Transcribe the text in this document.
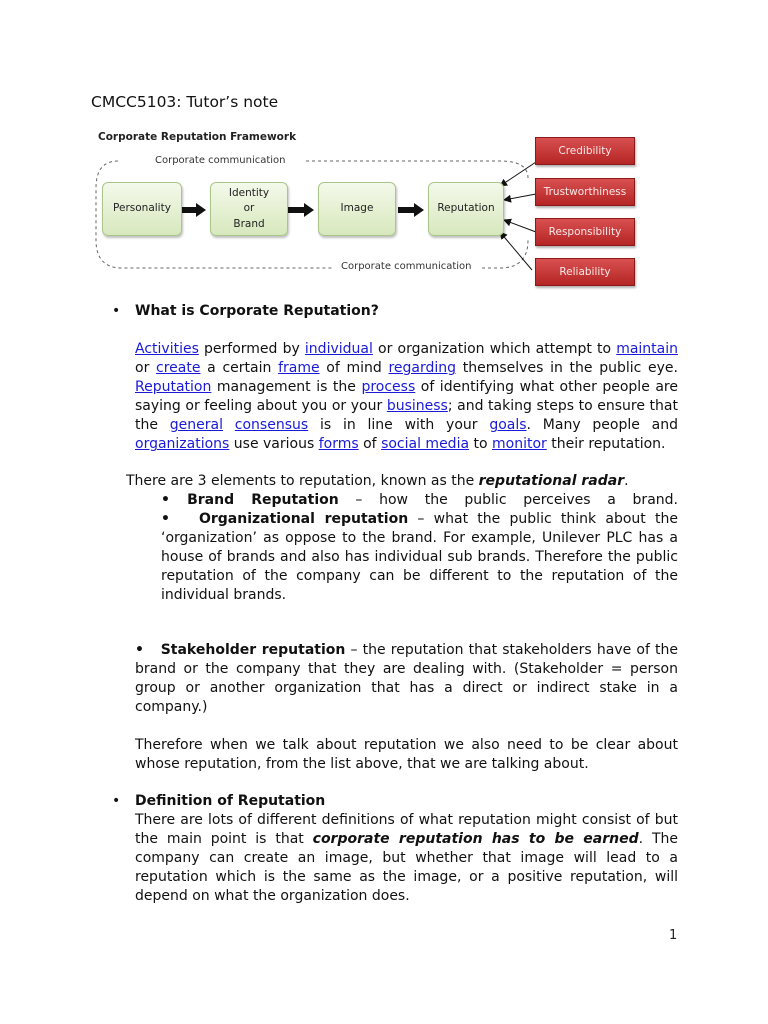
CMCC5103: Tutor’s note
Corporate Reputation Framework
Corporate communication
Corporate communication
Personality
Identity
or
Brand
Image	Reputation
Credibility
Trustworthiness
Responsibility
Reliability
• What is Corporate Reputation?
Activities performed by individual or organization which attempt to maintain
or create a certain frame of mind regarding themselves in the public eye.
Reputation management is the process of identifying what other people are
saying or feeling about you or your business; and taking steps to ensure that
the general consensus is in line with your goals. Many people and
organizations use various forms of social media to monitor their reputation.
There are 3 elements to reputation, known as the reputational radar.
• Brand Reputation – how the public perceives a brand.
•   Organizational reputation – what the public think about the
‘organization’ as oppose to the brand. For example, Unilever PLC has a
house of brands and also has individual sub brands. Therefore the public
reputation of the company can be different to the reputation of the
individual brands.
•   Stakeholder reputation – the reputation that stakeholders have of the
brand or the company that they are dealing with. (Stakeholder = person
group or another organization that has a direct or indirect stake in a
company.)
Therefore when we talk about reputation we also need to be clear about
whose reputation, from the list above, that we are talking about.
• Definition of Reputation
There are lots of different definitions of what reputation might consist of but
the main point is that corporate reputation has to be earned. The
company can create an image, but whether that image will lead to a
reputation which is the same as the image, or a positive reputation, will
depend on what the organization does.
1
